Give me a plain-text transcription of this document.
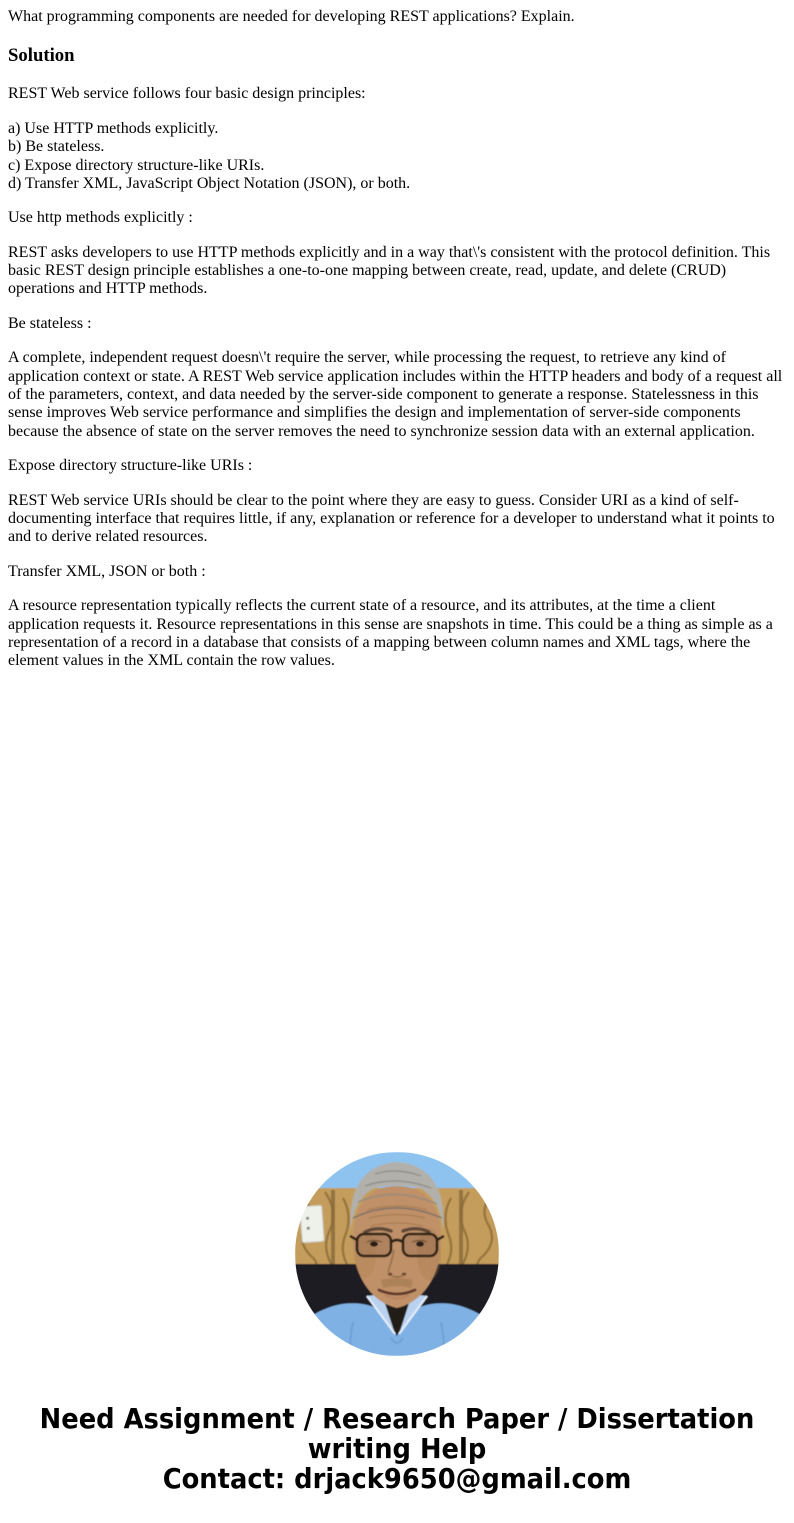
What programming components are needed for developing REST applications? Explain.

Solution

REST Web service follows four basic design principles:

a) Use HTTP methods explicitly.
b) Be stateless.
c) Expose directory structure-like URIs.
d) Transfer XML, JavaScript Object Notation (JSON), or both.

Use http methods explicitly :

REST asks developers to use HTTP methods explicitly and in a way that\'s consistent with the protocol definition. This basic REST design principle establishes a one-to-one mapping between create, read, update, and delete (CRUD) operations and HTTP methods.

Be stateless :

A complete, independent request doesn\'t require the server, while processing the request, to retrieve any kind of application context or state. A REST Web service application includes within the HTTP headers and body of a request all of the parameters, context, and data needed by the server-side component to generate a response. Statelessness in this sense improves Web service performance and simplifies the design and implementation of server-side components because the absence of state on the server removes the need to synchronize session data with an external application.

Expose directory structure-like URIs :

REST Web service URIs should be clear to the point where they are easy to guess. Consider URI as a kind of self-documenting interface that requires little, if any, explanation or reference for a developer to understand what it points to and to derive related resources.

Transfer XML, JSON or both :

A resource representation typically reflects the current state of a resource, and its attributes, at the time a client application requests it. Resource representations in this sense are snapshots in time. This could be a thing as simple as a representation of a record in a database that consists of a mapping between column names and XML tags, where the element values in the XML contain the row values.

Need Assignment / Research Paper / Dissertation
writing Help
Contact: drjack9650@gmail.com
